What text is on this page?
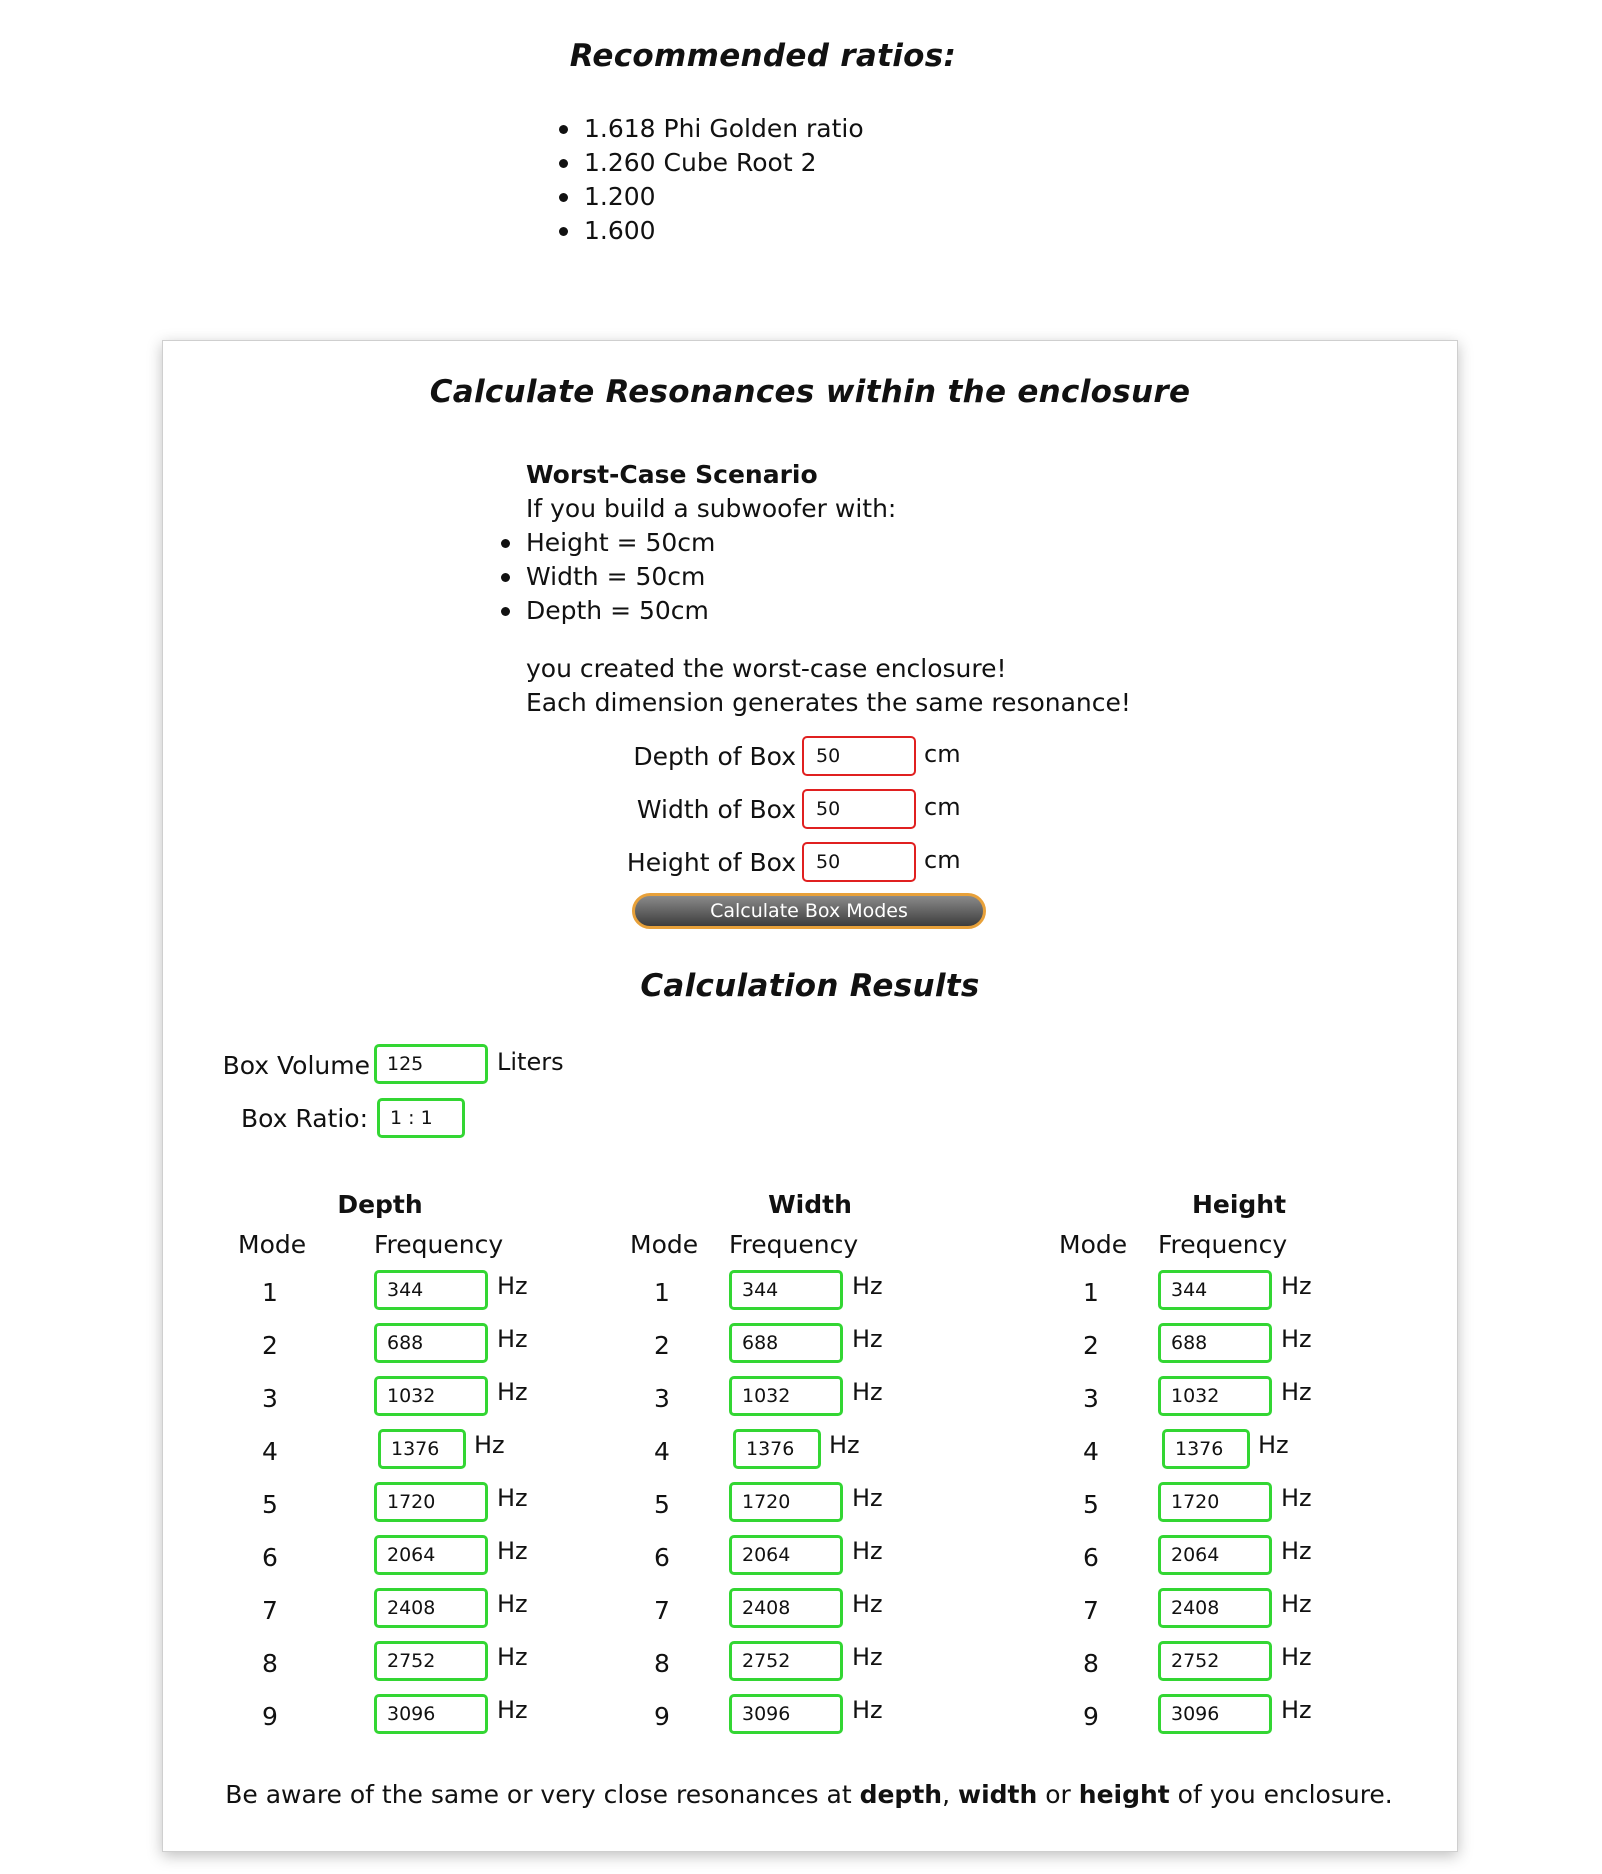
Recommended ratios:
1.618 Phi Golden ratio
1.260 Cube Root 2
1.200
1.600
Calculate Resonances within the enclosure
Worst-Case Scenario
If you build a subwoofer with:
Height = 50cm
Width = 50cm
Depth = 50cm
you created the worst-case enclosure!
Each dimension generates the same resonance!
Depth of Box
50	cm
Width of Box
50	cm
Height of Box
50	cm
Calculate Box Modes
Calculation Results
Box Volume
125	Liters
Box Ratio:
1 : 1
Depth
Mode	Frequency
1
344	Hz
2
688	Hz
3
1032	Hz
4
1376	Hz
5
1720	Hz
6
2064	Hz
7
2408	Hz
8
2752	Hz
9
3096	Hz
Width
Mode Frequency
1
344	Hz
2
688	Hz
3
1032	Hz
4
1376	Hz
5
1720	Hz
6
2064	Hz
7
2408	Hz
8
2752	Hz
9
3096	Hz
Height
Mode Frequency
1
344	Hz
2
688	Hz
3
1032	Hz
4
1376	Hz
5
1720	Hz
6
2064	Hz
7
2408	Hz
8
2752	Hz
9
3096	Hz
Be aware of the same or very close resonances at depth, width or height of you enclosure.
